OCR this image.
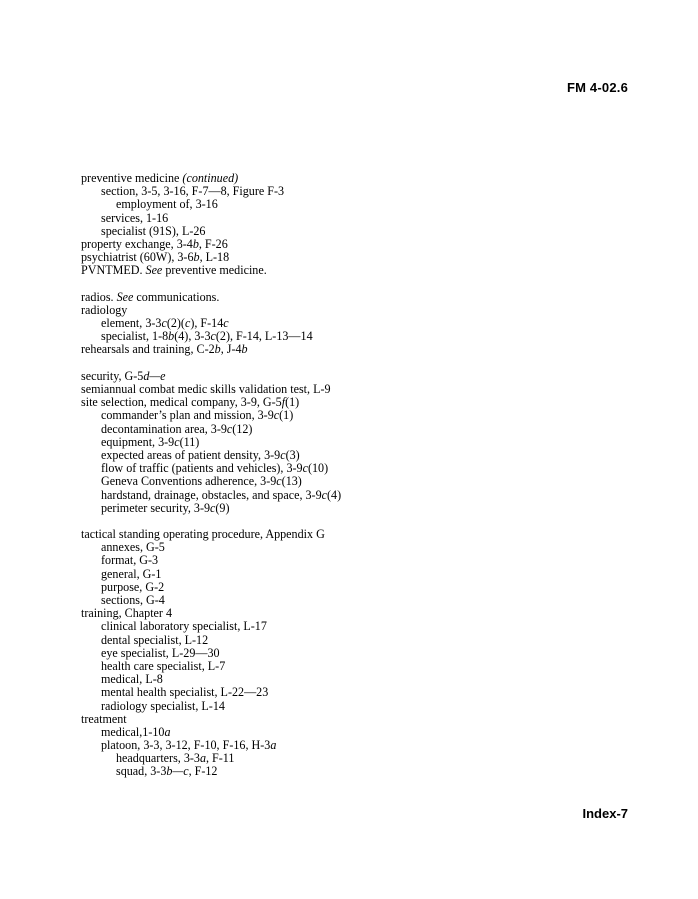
FM 4-02.6
preventive medicine (continued)
section, 3-5, 3-16, F-7—8, Figure F-3
employment of, 3-16
services, 1-16
specialist (91S), L-26
property exchange, 3-4b, F-26
psychiatrist (60W), 3-6b, L-18
PVNTMED. See preventive medicine.
radios. See communications.
radiology
element, 3-3c(2)(c), F-14c
specialist, 1-8b(4), 3-3c(2), F-14, L-13—14
rehearsals and training, C-2b, J-4b
security, G-5d—e
semiannual combat medic skills validation test, L-9
site selection, medical company, 3-9, G-5f(1)
commander’s plan and mission, 3-9c(1)
decontamination area, 3-9c(12)
equipment, 3-9c(11)
expected areas of patient density, 3-9c(3)
flow of traffic (patients and vehicles), 3-9c(10)
Geneva Conventions adherence, 3-9c(13)
hardstand, drainage, obstacles, and space, 3-9c(4)
perimeter security, 3-9c(9)
tactical standing operating procedure, Appendix G
annexes, G-5
format, G-3
general, G-1
purpose, G-2
sections, G-4
training, Chapter 4
clinical laboratory specialist, L-17
dental specialist, L-12
eye specialist, L-29—30
health care specialist, L-7
medical, L-8
mental health specialist, L-22—23
radiology specialist, L-14
treatment
medical,1-10a
platoon, 3-3, 3-12, F-10, F-16, H-3a
headquarters, 3-3a, F-11
squad, 3-3b—c, F-12
Index-7
